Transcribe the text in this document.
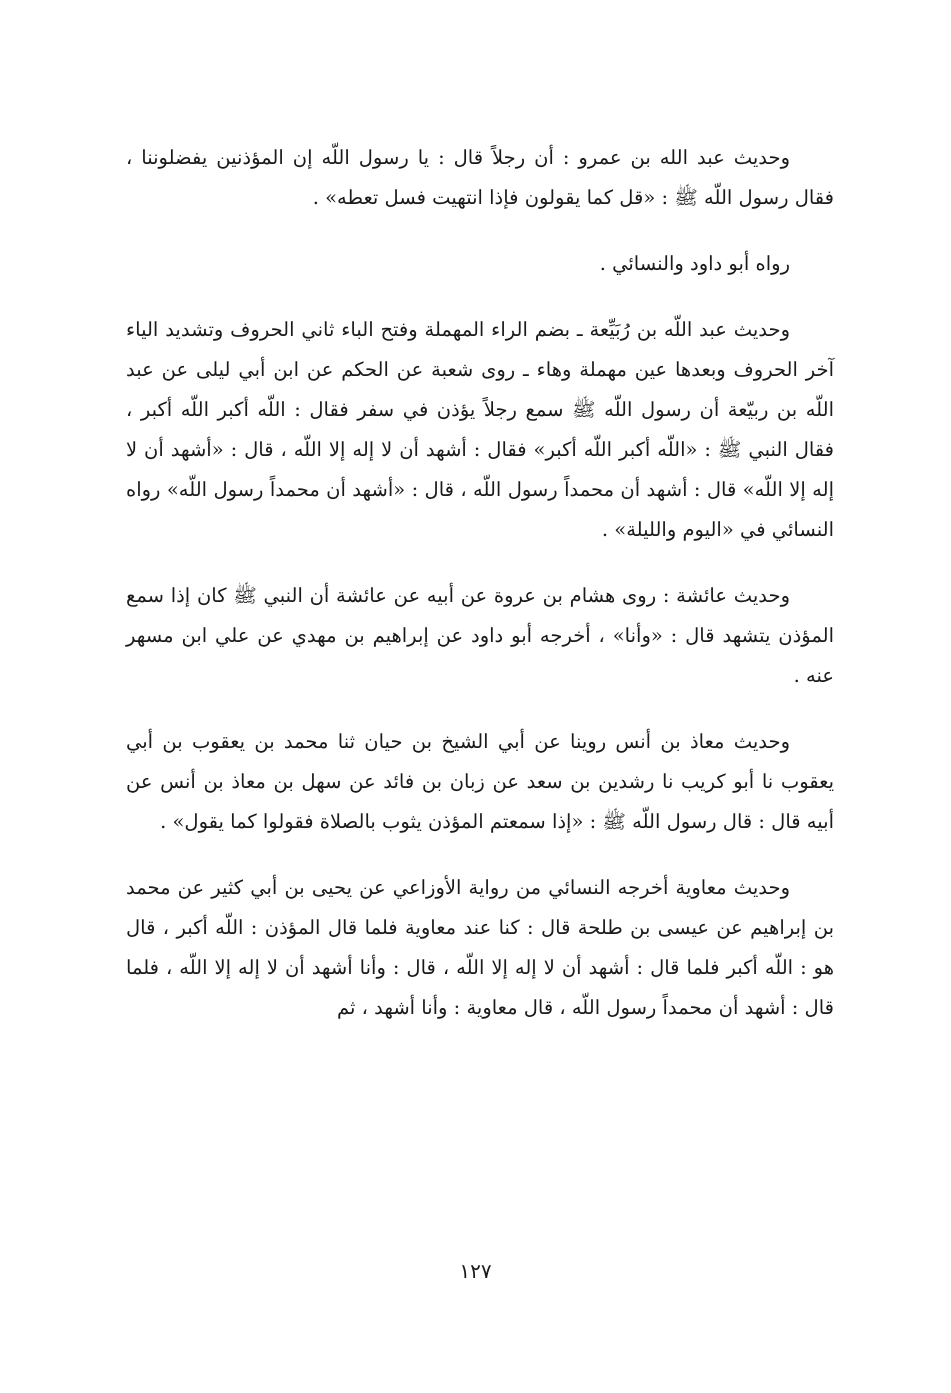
وحديث عبد الله بن عمرو : أن رجلاً قال : يا رسول اللّه إن المؤذنين يفضلوننا ، فقال رسول اللّه ﷺ : «قل كما يقولون فإذا انتهيت فسل تعطه» .

رواه أبو داود والنسائي .

وحديث عبد اللّه بن رُبَيِّعة ـ بضم الراء المهملة وفتح الباء ثاني الحروف وتشديد الياء آخر الحروف وبعدها عين مهملة وهاء ـ روى شعبة عن الحكم عن ابن أبي ليلى عن عبد اللّه بن ربيّعة أن رسول اللّه ﷺ سمع رجلاً يؤذن في سفر فقال : اللّه أكبر اللّه أكبر ، فقال النبي ﷺ : «اللّه أكبر اللّه أكبر» فقال : أشهد أن لا إله إلا اللّه ، قال : «أشهد أن لا إله إلا اللّه» قال : أشهد أن محمداً رسول اللّه ، قال : «أشهد أن محمداً رسول اللّه» رواه النسائي في «اليوم والليلة» .

وحديث عائشة : روى هشام بن عروة عن أبيه عن عائشة أن النبي ﷺ كان إذا سمع المؤذن يتشهد قال : «وأنا» ، أخرجه أبو داود عن إبراهيم بن مهدي عن علي ابن مسهر عنه .

وحديث معاذ بن أنس روينا عن أبي الشيخ بن حيان ثنا محمد بن يعقوب بن أبي يعقوب نا أبو كريب نا رشدين بن سعد عن زبان بن فائد عن سهل بن معاذ بن أنس عن أبيه قال : قال رسول اللّه ﷺ : «إذا سمعتم المؤذن يثوب بالصلاة فقولوا كما يقول» .

وحديث معاوية أخرجه النسائي من رواية الأوزاعي عن يحيى بن أبي كثير عن محمد بن إبراهيم عن عيسى بن طلحة قال : كنا عند معاوية فلما قال المؤذن : اللّه أكبر ، قال هو : اللّه أكبر فلما قال : أشهد أن لا إله إلا اللّه ، قال : وأنا أشهد أن لا إله إلا اللّه ، فلما قال : أشهد أن محمداً رسول اللّه ، قال معاوية : وأنا أشهد ، ثم

١٢٧
